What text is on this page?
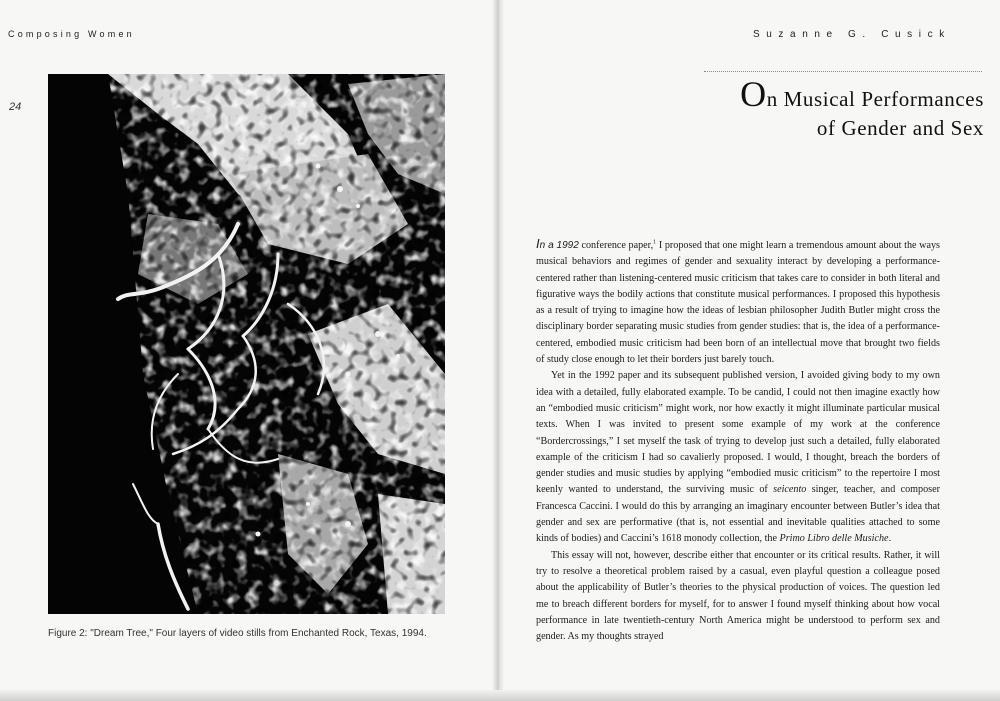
Composing Women
24
Figure 2: "Dream Tree," Four layers of video stills from Enchanted Rock, Texas, 1994.
Suzanne G. Cusick
On Musical Performances
of Gender and Sex

In a 1992 conference paper,$^1$ I proposed that one might learn a tremendous amount about the ways musical behaviors and regimes of gender and sexuality interact by developing a performance-centered rather than listening-centered music criticism that takes care to consider in both literal and figurative ways the bodily actions that constitute musical performances. I proposed this hypothesis as a result of trying to imagine how the ideas of lesbian philosopher Judith Butler might cross the disciplinary border separating music studies from gender studies: that is, the idea of a performance-centered, embodied music criticism had been born of an intellectual move that brought two fields of study close enough to let their borders just barely touch.

Yet in the 1992 paper and its subsequent published version, I avoided giving body to my own idea with a detailed, fully elaborated example. To be candid, I could not then imagine exactly how an “embodied music criticism” might work, nor how exactly it might illuminate particular musical texts. When I was invited to present some example of my work at the conference “Bordercrossings,” I set myself the task of trying to develop just such a detailed, fully elaborated example of the criticism I had so cavalierly proposed. I would, I thought, breach the borders of gender studies and music studies by applying “embodied music criticism” to the repertoire I most keenly wanted to understand, the surviving music of seicento singer, teacher, and composer Francesca Caccini. I would do this by arranging an imaginary encounter between Butler’s idea that gender and sex are performative (that is, not essential and inevitable qualities attached to some kinds of bodies) and Caccini’s 1618 monody collection, the Primo Libro delle Musiche.

This essay will not, however, describe either that encounter or its critical results. Rather, it will try to resolve a theoretical problem raised by a casual, even playful question a colleague posed about the applicability of Butler’s theories to the physical production of voices. The question led me to breach different borders for myself, for to answer I found myself thinking about how vocal performance in late twentieth-century North America might be understood to perform sex and gender. As my thoughts strayed
